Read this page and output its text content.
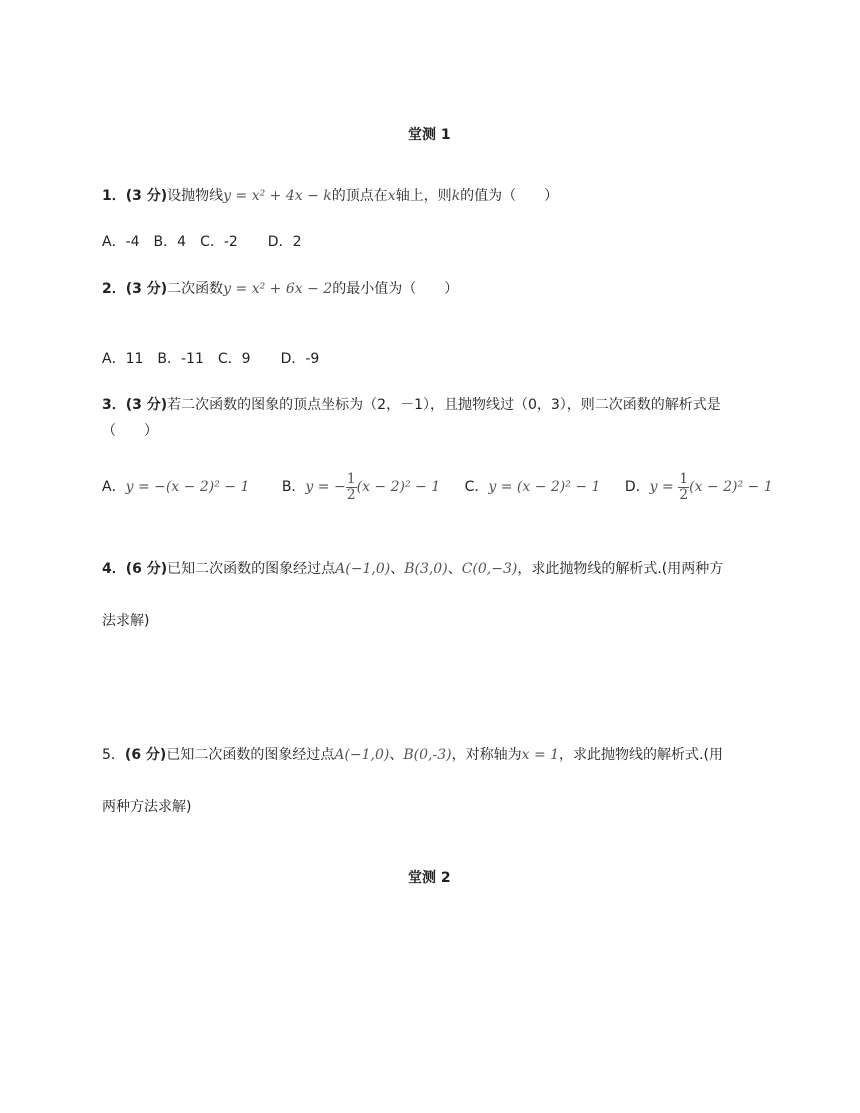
堂测 1
1．(3 分)设抛物线y = x² + 4x − k的顶点在x轴上，则k的值为（　　）
A．-4 B．4 C．-2 D．2
2．(3 分)二次函数y = x² + 6x − 2的最小值为（　　）
A．11 B．-11 C．9 D．-9
3．(3 分)若二次函数的图象的顶点坐标为（2，－1），且抛物线过（0，3），则二次函数的解析式是
（　　）
A．y = −(x − 2)² − 1 B．y = − $\frac{1}{2} (x - 2)^2 - 1$ C．y = (x − 2)² − 1 D．$y = \frac{1}{2} (x - 2)^2 - 1$
4．(6 分)已知二次函数的图象经过点A(−1,0)、B(3,0)、C(0,−3)，求此抛物线的解析式.(用两种方
法求解)
5．(6 分)已知二次函数的图象经过点A(−1,0)、B(0,-3)，对称轴为x = 1，求此抛物线的解析式.(用
两种方法求解)
堂测 2
